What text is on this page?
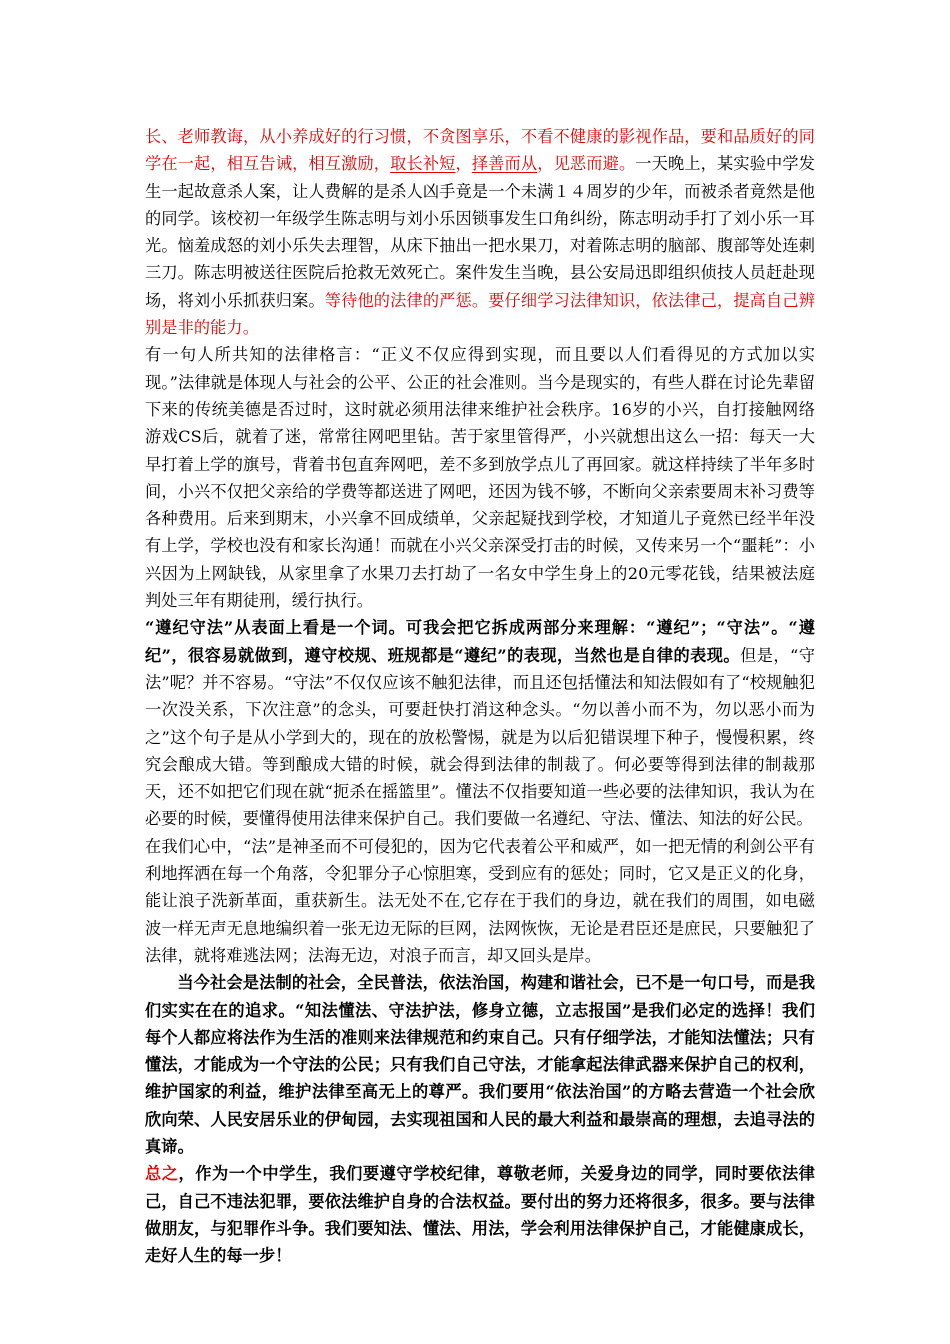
长、老师教诲，从小养成好的行习惯，不贪图享乐，不看不健康的影视作品，要和品质好的同学在一起，相互告诫，相互激励，取长补短，择善而从，见恶而避。一天晚上，某实验中学发生一起故意杀人案，让人费解的是杀人凶手竟是一个未满１４周岁的少年，而被杀者竟然是他的同学。该校初一年级学生陈志明与刘小乐因锁事发生口角纠纷，陈志明动手打了刘小乐一耳光。恼羞成怒的刘小乐失去理智，从床下抽出一把水果刀，对着陈志明的脑部、腹部等处连刺三刀。陈志明被送往医院后抢救无效死亡。案件发生当晚，县公安局迅即组织侦技人员赶赴现场，将刘小乐抓获归案。等待他的法律的严惩。要仔细学习法律知识，依法律己，提高自己辨别是非的能力。

有一句人所共知的法律格言：“正义不仅应得到实现，而且要以人们看得见的方式加以实现。”法律就是体现人与社会的公平、公正的社会准则。当今是现实的，有些人群在讨论先辈留下来的传统美德是否过时，这时就必须用法律来维护社会秩序。16岁的小兴，自打接触网络游戏CS后，就着了迷，常常往网吧里钻。苦于家里管得严，小兴就想出这么一招：每天一大早打着上学的旗号，背着书包直奔网吧，差不多到放学点儿了再回家。就这样持续了半年多时间，小兴不仅把父亲给的学费等都送进了网吧，还因为钱不够，不断向父亲索要周末补习费等各种费用。后来到期末，小兴拿不回成绩单，父亲起疑找到学校，才知道儿子竟然已经半年没有上学，学校也没有和家长沟通！而就在小兴父亲深受打击的时候，又传来另一个“噩耗”：小兴因为上网缺钱，从家里拿了水果刀去打劫了一名女中学生身上的20元零花钱，结果被法庭判处三年有期徒刑，缓行执行。

“遵纪守法”从表面上看是一个词。可我会把它拆成两部分来理解：“遵纪”；“守法”。“遵纪”，很容易就做到，遵守校规、班规都是“遵纪”的表现，当然也是自律的表现。但是，“守法”呢？并不容易。“守法”不仅仅应该不触犯法律，而且还包括懂法和知法假如有了“校规触犯一次没关系，下次注意”的念头，可要赶快打消这种念头。“勿以善小而不为，勿以恶小而为之”这个句子是从小学到大的，现在的放松警惕，就是为以后犯错误埋下种子，慢慢积累，终究会酿成大错。等到酿成大错的时候，就会得到法律的制裁了。何必要等得到法律的制裁那天，还不如把它们现在就“扼杀在摇篮里”。懂法不仅指要知道一些必要的法律知识，我认为在必要的时候，要懂得使用法律来保护自己。我们要做一名遵纪、守法、懂法、知法的好公民。

在我们心中，“法”是神圣而不可侵犯的，因为它代表着公平和威严，如一把无情的利剑公平有利地挥洒在每一个角落，令犯罪分子心惊胆寒，受到应有的惩处；同时，它又是正义的化身，能让浪子洗新革面，重获新生。法无处不在,它存在于我们的身边，就在我们的周围，如电磁波一样无声无息地编织着一张无边无际的巨网，法网恢恢，无论是君臣还是庶民，只要触犯了法律，就将难逃法网；法海无边，对浪子而言，却又回头是岸。

当今社会是法制的社会，全民普法，依法治国，构建和谐社会，已不是一句口号，而是我们实实在在的追求。“知法懂法、守法护法，修身立德，立志报国”是我们必定的选择！我们每个人都应将法作为生活的准则来法律规范和约束自己。只有仔细学法，才能知法懂法；只有懂法，才能成为一个守法的公民；只有我们自己守法，才能拿起法律武器来保护自己的权利，维护国家的利益，维护法律至高无上的尊严。我们要用“依法治国”的方略去营造一个社会欣欣向荣、人民安居乐业的伊甸园，去实现祖国和人民的最大利益和最崇高的理想，去追寻法的真谛。

总之，作为一个中学生，我们要遵守学校纪律，尊敬老师，关爱身边的同学，同时要依法律己，自己不违法犯罪，要依法维护自身的合法权益。要付出的努力还将很多，很多。要与法律做朋友，与犯罪作斗争。我们要知法、懂法、用法，学会利用法律保护自己，才能健康成长，走好人生的每一步！
